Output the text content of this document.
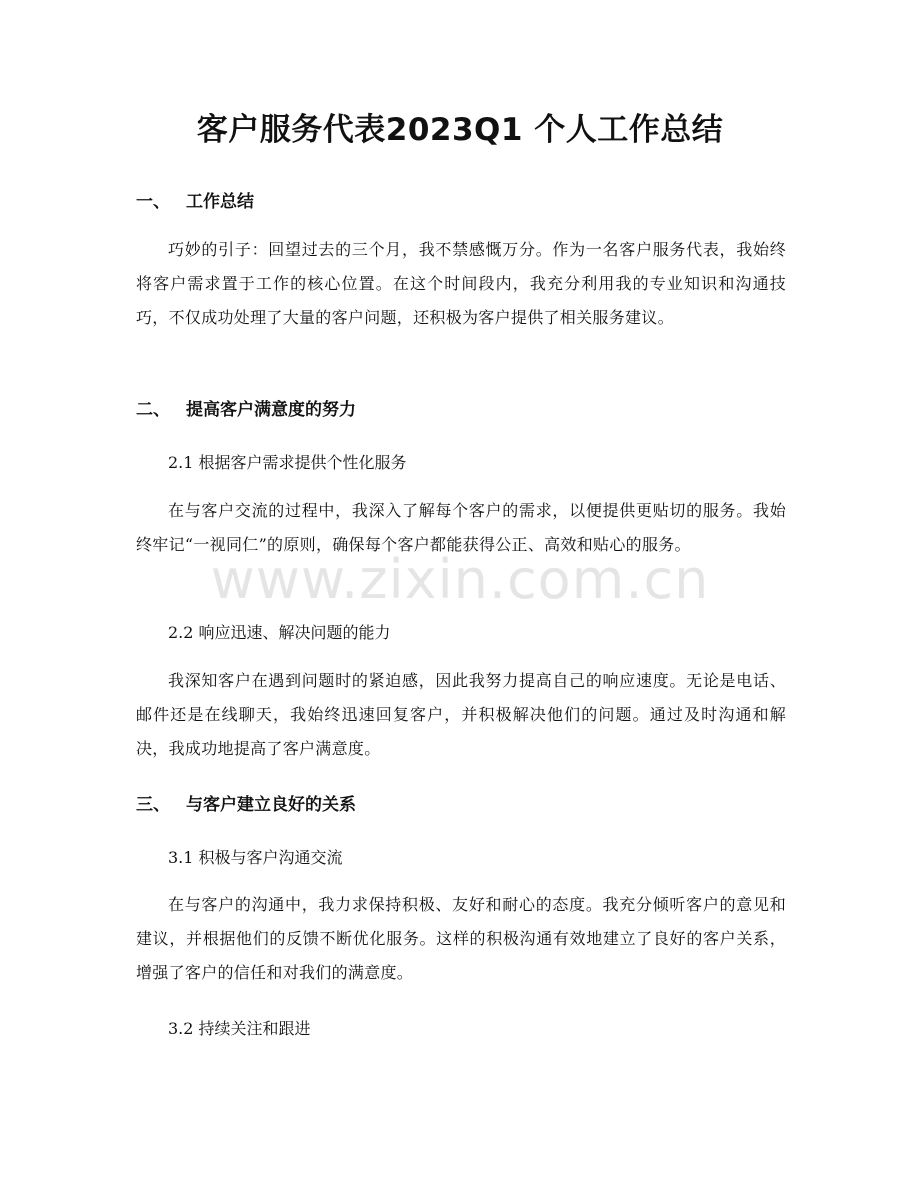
客户服务代表2023Q1 个人工作总结
www.zixin.com.cn
一、 工作总结

巧妙的引子：回望过去的三个月，我不禁感慨万分。作为一名客户服务代表，我始终将客户需求置于工作的核心位置。在这个时间段内，我充分利用我的专业知识和沟通技巧，不仅成功处理了大量的客户问题，还积极为客户提供了相关服务建议。

二、 提高客户满意度的努力
2.1 根据客户需求提供个性化服务

在与客户交流的过程中，我深入了解每个客户的需求，以便提供更贴切的服务。我始终牢记“一视同仁”的原则，确保每个客户都能获得公正、高效和贴心的服务。

2.2 响应迅速、解决问题的能力

我深知客户在遇到问题时的紧迫感，因此我努力提高自己的响应速度。无论是电话、邮件还是在线聊天，我始终迅速回复客户，并积极解决他们的问题。通过及时沟通和解决，我成功地提高了客户满意度。

三、 与客户建立良好的关系
3.1 积极与客户沟通交流

在与客户的沟通中，我力求保持积极、友好和耐心的态度。我充分倾听客户的意见和建议，并根据他们的反馈不断优化服务。这样的积极沟通有效地建立了良好的客户关系，增强了客户的信任和对我们的满意度。

3.2 持续关注和跟进
